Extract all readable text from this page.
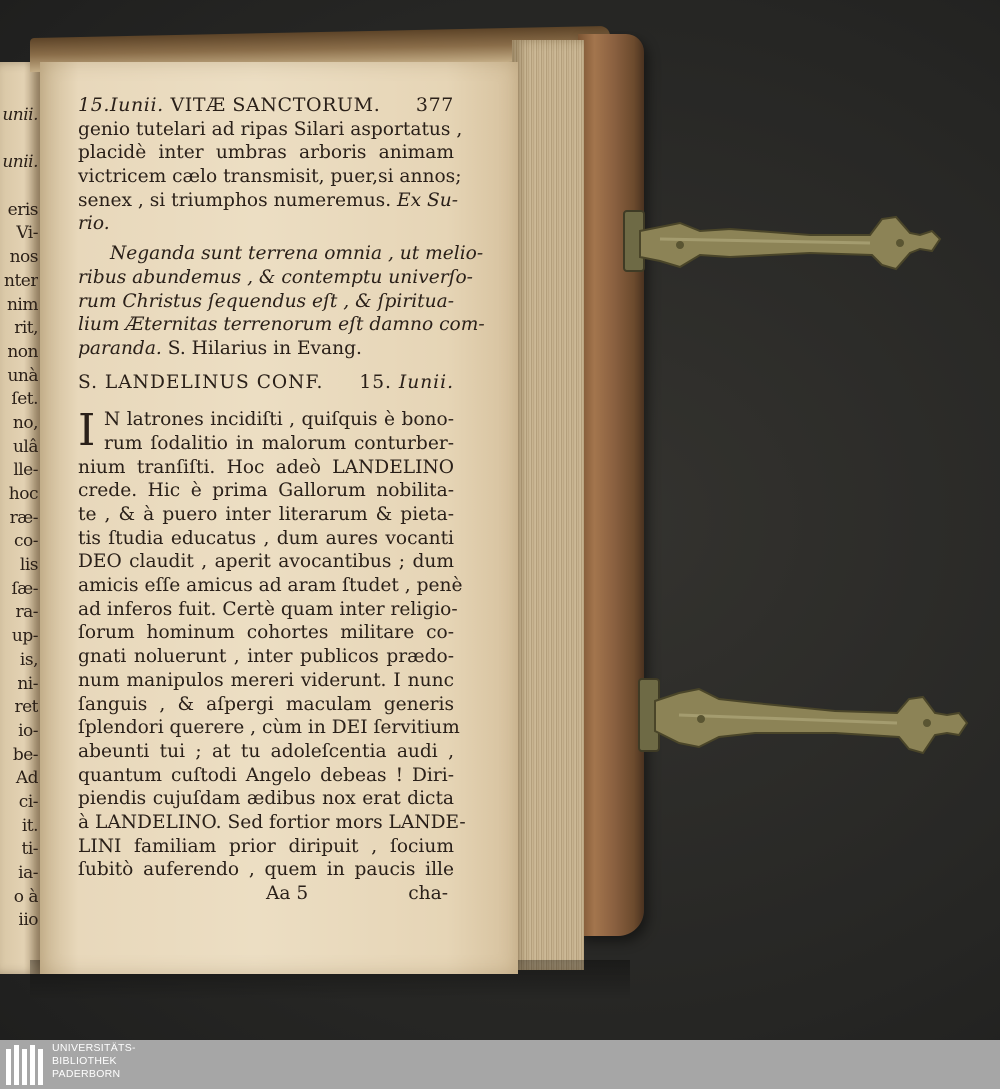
unii.
unii.
eris
Vi-
nos
nter
nim
rit,
non
unà
ſet.
no,
ulâ
lle-
hoc
ræ-
co-
lis
ſæ-
ra-
up-
is,
ni-
ret
io-
be-
Ad
ci-
it.
ti-
ia-
o à
iio
15.Iunii. VITÆ SANCTORUM. 377
genio tutelari ad ripas Silari asportatus ,
placidè inter umbras arboris animam
victricem cælo transmisit, puer,si annos;
senex , si triumphos numeremus. Ex Su-
rio.
Neganda sunt terrena omnia , ut melio-
ribus abundemus , & contemptu univerſo-
rum Christus ſequendus eſt , & ſpiritua-
lium Æternitas terrenorum eſt damno com-
paranda. S. Hilarius in Evang.
S. LANDELINUS CONF. 15. Iunii.
I N latrones incidiſti , quiſquis è bono-
rum ſodalitio in malorum conturber-
nium tranſiſti. Hoc adeò LANDELINO
crede. Hic è prima Gallorum nobilita-
te , & à puero inter literarum & pieta-
tis ſtudia educatus , dum aures vocanti
DEO claudit , aperit avocantibus ; dum
amicis eſſe amicus ad aram ſtudet , penè
ad inferos fuit. Certè quam inter religio-
ſorum hominum cohortes militare co-
gnati noluerunt , inter publicos prædo-
num manipulos mereri viderunt. I nunc
ſanguis , & aſpergi maculam generis
ſplendori querere , cùm in DEI ſervitium
abeunti tui ; at tu adoleſcentia audi ,
quantum cuſtodi Angelo debeas ! Diri-
piendis cujuſdam ædibus nox erat dicta
à LANDELINO. Sed fortior mors LANDE-
LINI familiam prior diripuit , ſocium
ſubitò auferendo , quem in paucis ille
Aa 5	cha-
UNIVERSITÄTS-
BIBLIOTHEK
PADERBORN
